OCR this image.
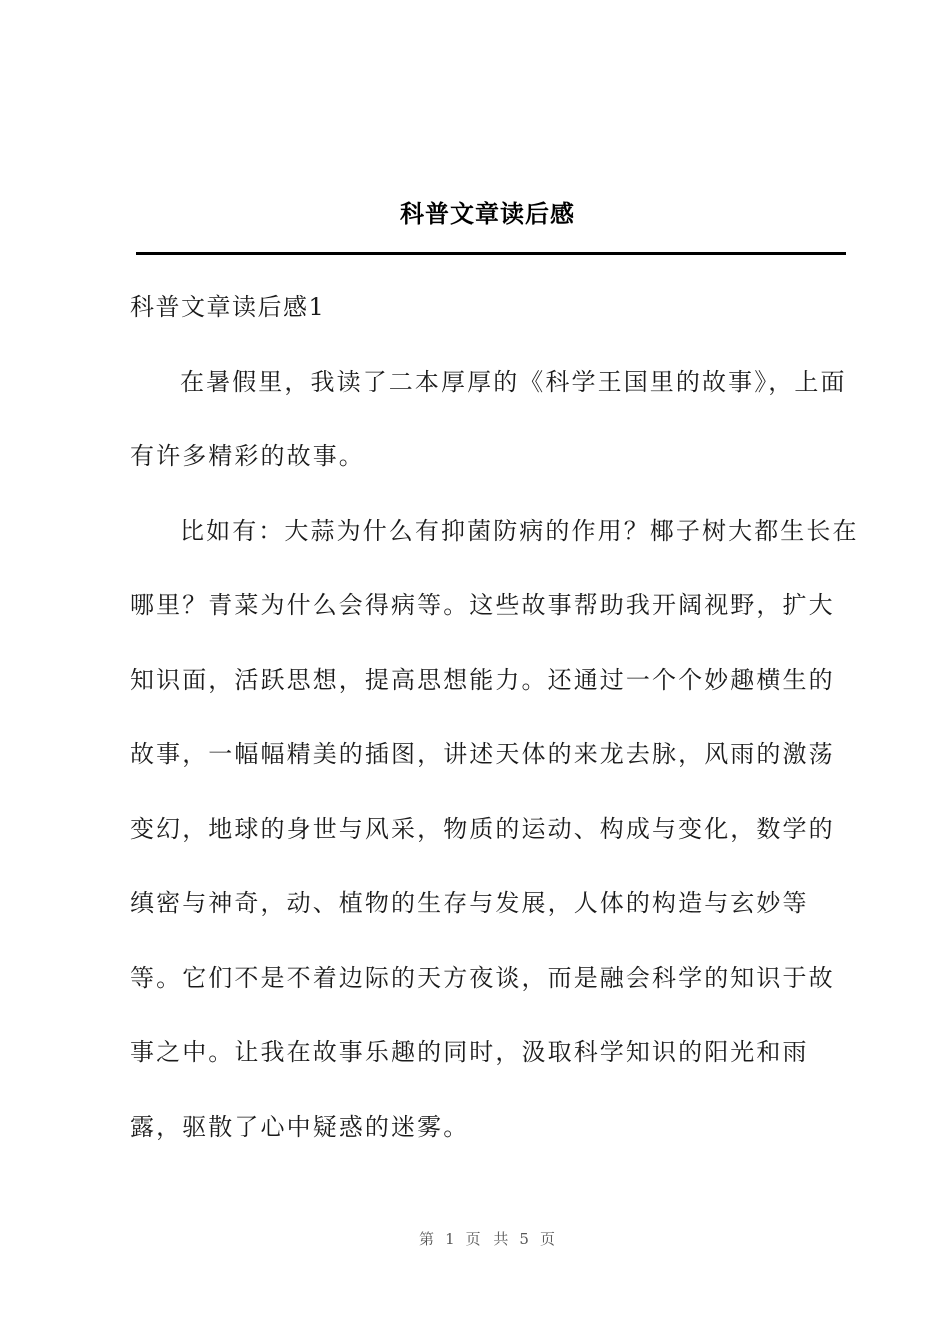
科普文章读后感

科普文章读后感1

在暑假里，我读了二本厚厚的《科学王国里的故事》，上面有许多精彩的故事。

比如有：大蒜为什么有抑菌防病的作用？椰子树大都生长在哪里？青菜为什么会得病等。这些故事帮助我开阔视野，扩大知识面，活跃思想，提高思想能力。还通过一个个妙趣横生的故事，一幅幅精美的插图，讲述天体的来龙去脉，风雨的激荡变幻，地球的身世与风采，物质的运动、构成与变化，数学的缜密与神奇，动、植物的生存与发展，人体的构造与玄妙等等。它们不是不着边际的天方夜谈，而是融会科学的知识于故事之中。让我在故事乐趣的同时，汲取科学知识的阳光和雨露，驱散了心中疑惑的迷雾。

第 1 页 共 5 页
